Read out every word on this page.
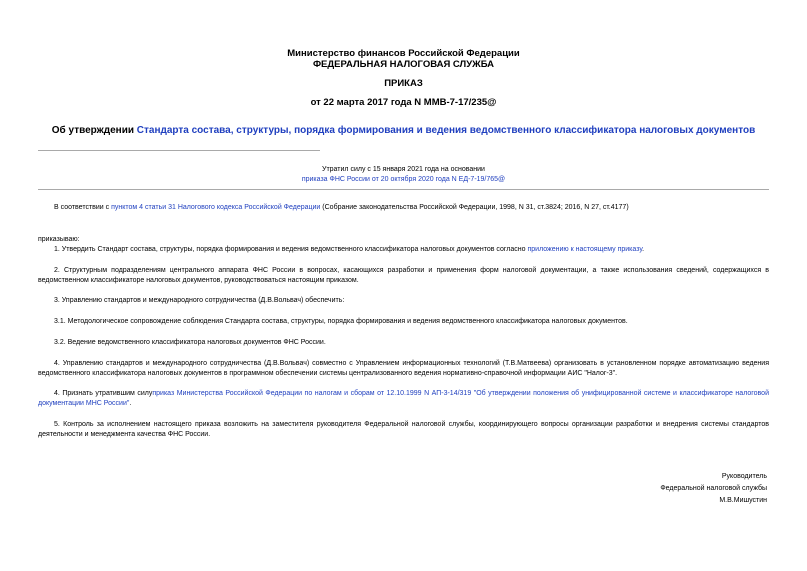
Министерство финансов Российской Федерации
ФЕДЕРАЛЬНАЯ НАЛОГОВАЯ СЛУЖБА
ПРИКАЗ
от 22 марта 2017 года N ММВ-7-17/235@
Об утверждении Стандарта состава, структуры, порядка формирования и ведения ведомственного классификатора налоговых документов
Утратил силу с 15 января 2021 года на основании
приказа ФНС России от 20 октября 2020 года N ЕД-7-19/765@
В соответствии с пунктом 4 статьи 31 Налогового кодекса Российской Федерации (Собрание законодательства Российской Федерации, 1998, N 31, ст.3824; 2016, N 27, ст.4177)
приказываю:
1. Утвердить Стандарт состава, структуры, порядка формирования и ведения ведомственного классификатора налоговых документов согласно приложению к настоящему приказу.
2. Структурным подразделениям центрального аппарата ФНС России в вопросах, касающихся разработки и применения форм налоговой документации, а также использования сведений, содержащихся в ведомственном классификаторе налоговых документов, руководствоваться настоящим приказом.
3. Управлению стандартов и международного сотрудничества (Д.В.Вольвач) обеспечить:
3.1. Методологическое сопровождение соблюдения Стандарта состава, структуры, порядка формирования и ведения ведомственного классификатора налоговых документов.
3.2. Ведение ведомственного классификатора налоговых документов ФНС России.
4. Управлению стандартов и международного сотрудничества (Д.В.Вольвач) совместно с Управлением информационных технологий (Т.В.Матвеева) организовать в установленном порядке автоматизацию ведения ведомственного классификатора налоговых документов в программном обеспечении системы централизованного ведения нормативно-справочной информации АИС "Налог-3".
4. Признать утратившим силуприказ Министерства Российской Федерации по налогам и сборам от 12.10.1999 N АП-3-14/319 "Об утверждении положения об унифицированной системе и классификаторе налоговой документации МНС России".
5. Контроль за исполнением настоящего приказа возложить на заместителя руководителя Федеральной налоговой службы, координирующего вопросы организации разработки и внедрения системы стандартов деятельности и менеджмента качества ФНС России.
Руководитель
Федеральной налоговой службы
М.В.Мишустин
